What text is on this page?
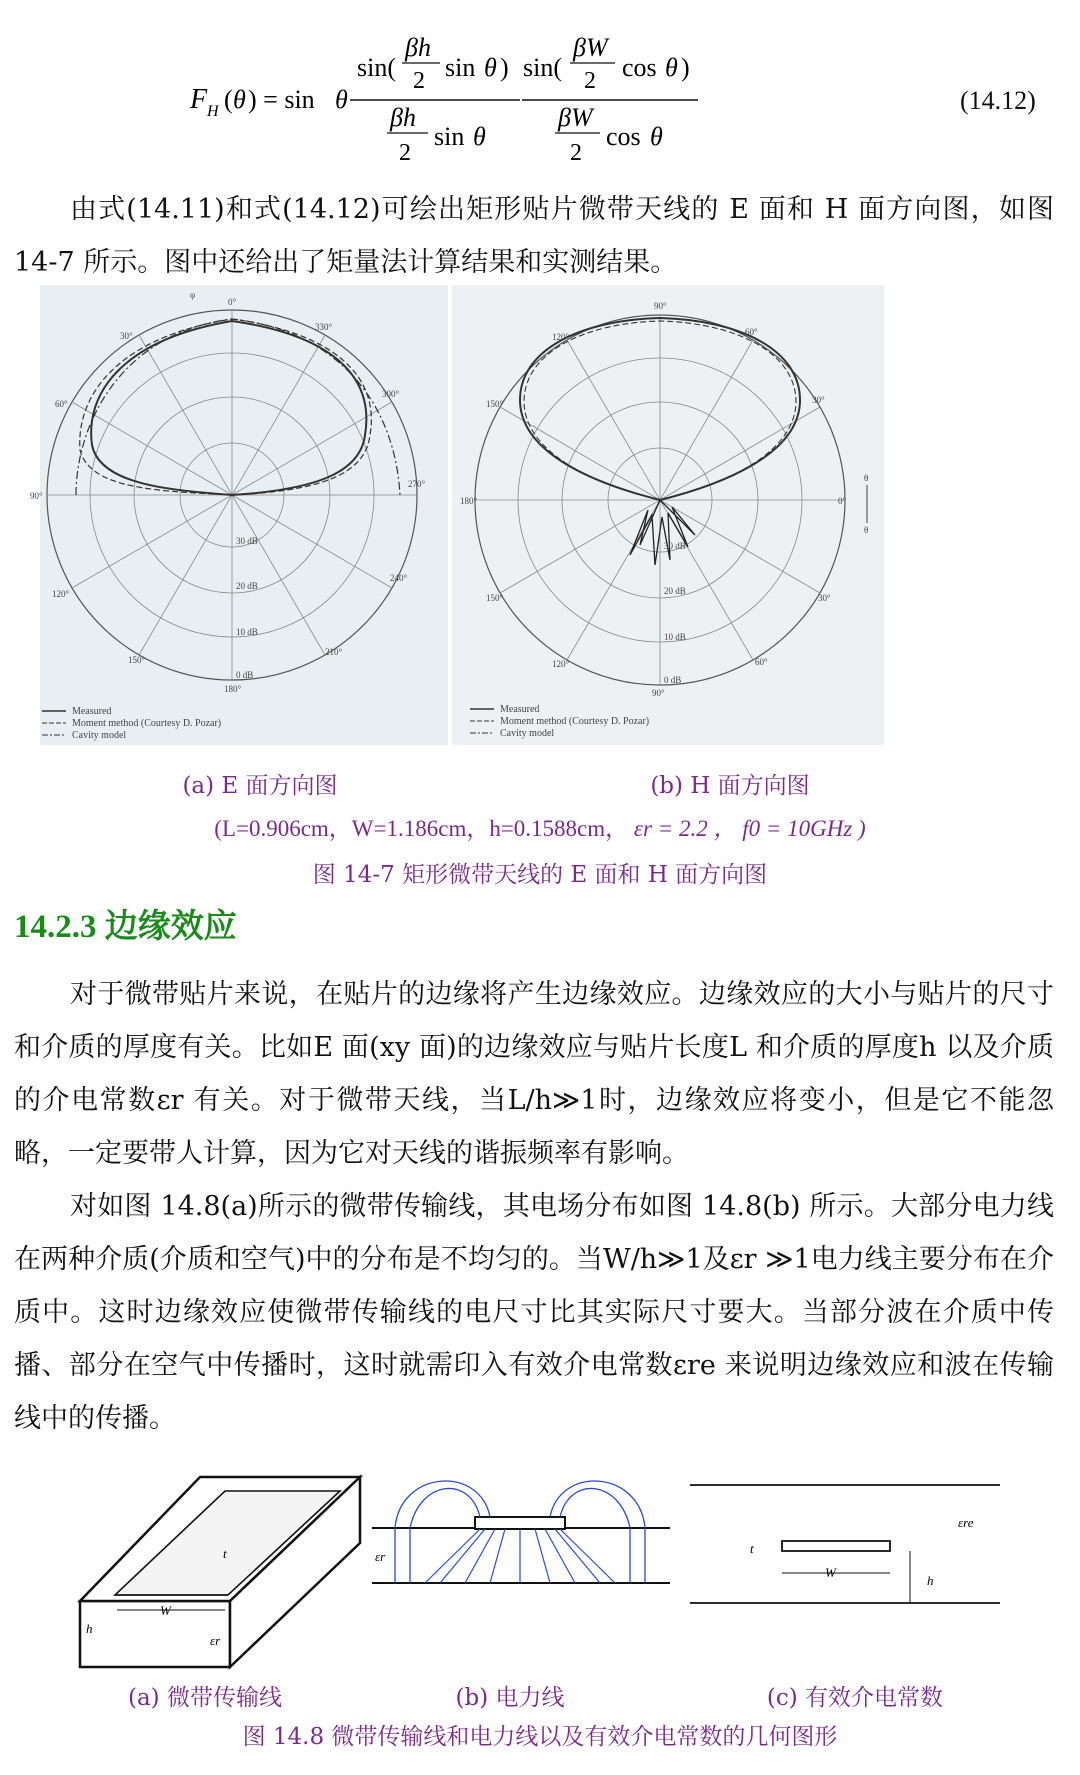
F H ( θ ) = sin θ
sin(
βh
2 sin θ )
βh
2
sin θ
sin(
βW
2 cos θ )
βW
2
cos θ
(14.12)
由式(14.11)和式(14.12)可绘出矩形贴片微带天线的 E 面和 H 面方向图，如图 14-7 所示。图中还给出了矩量法计算结果和实测结果。
0°
330°
300°
270°
240°
210°
180°
150°
120°
90°
60°
30°
φ
30 dB
20 dB
10 dB
0 dB
Measured
Moment method (Courtesy D. Pozar)
Cavity model
90°
60°
30°
0°
30°
60°
90°
120°
150°
180°
150°
120°
30 dB
20 dB
10 dB
0 dB
θ
θ
Measured
Moment method (Courtesy D. Pozar)
Cavity model
(a) E 面方向图	(b) H 面方向图
(L=0.906cm，W=1.186cm，h=0.1588cm， εr = 2.2 ， f0 = 10GHz )
图 14-7 矩形微带天线的 E 面和 H 面方向图
14.2.3 边缘效应
对于微带贴片来说，在贴片的边缘将产生边缘效应。边缘效应的大小与贴片的尺寸和介质的厚度有关。比如E 面(xy 面)的边缘效应与贴片长度L 和介质的厚度h 以及介质的介电常数εr 有关。对于微带天线，当L/h≫1时，边缘效应将变小，但是它不能忽略，一定要带人计算，因为它对天线的谐振频率有影响。
对如图 14.8(a)所示的微带传输线，其电场分布如图 14.8(b) 所示。大部分电力线在两种介质(介质和空气)中的分布是不均匀的。当W/h≫1及εr ≫1电力线主要分布在介质中。这时边缘效应使微带传输线的电尺寸比其实际尺寸要大。当部分波在介质中传播、部分在空气中传播时，这时就需印入有效介电常数εre 来说明边缘效应和波在传输线中的传播。
W
t
h
εr
εr
W
t
h
εre
(a) 微带传输线	(b) 电力线	(c) 有效介电常数
图 14.8 微带传输线和电力线以及有效介电常数的几何图形
